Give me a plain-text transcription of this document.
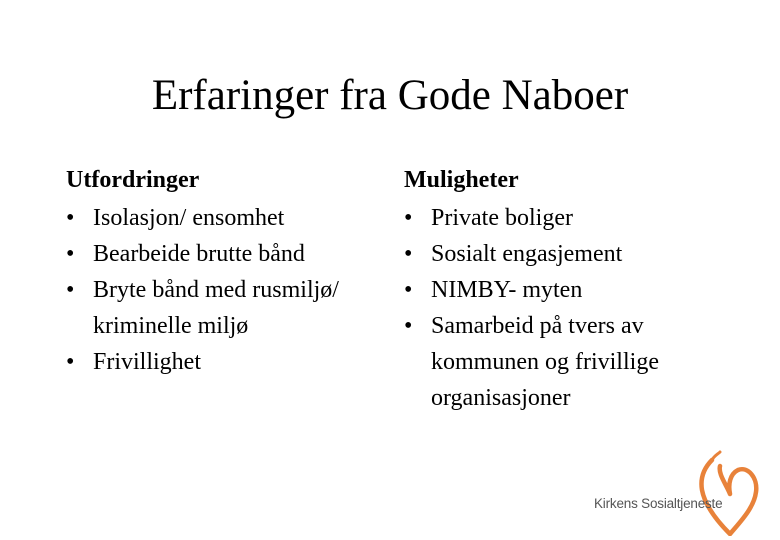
Erfaringer fra Gode Naboer
Utfordringer
• Isolasjon/ ensomhet
• Bearbeide brutte bånd
• Bryte bånd med rusmiljø/ kriminelle miljø
• Frivillighet
Muligheter
• Private boliger
• Sosialt engasjement
• NIMBY- myten
• Samarbeid på tvers av kommunen og frivillige organisasjoner
Kirkens Sosialtjeneste
